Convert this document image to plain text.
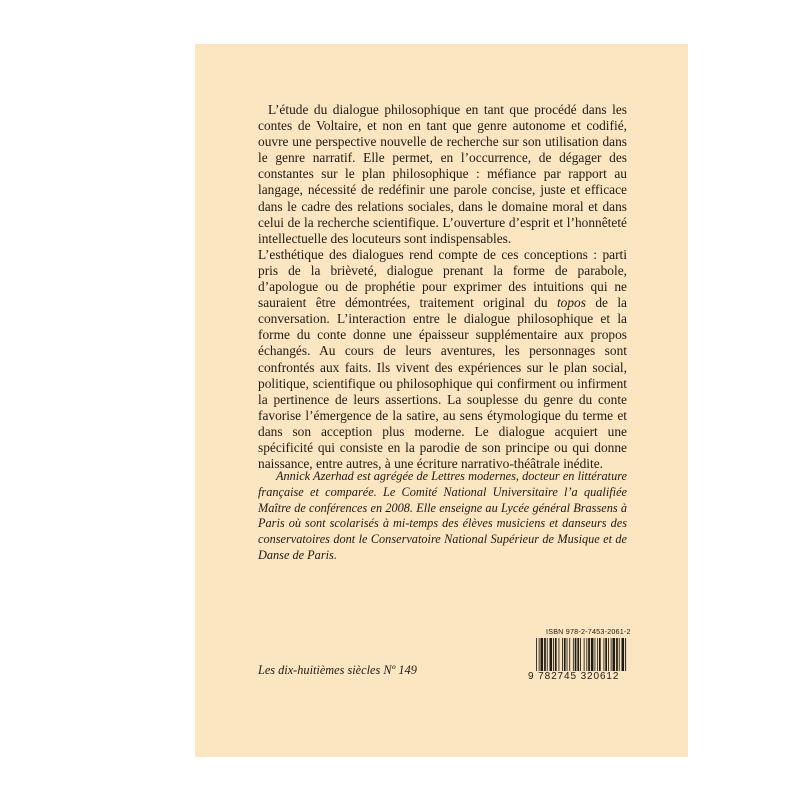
L’étude du dialogue philosophique en tant que procédé dans les contes de Voltaire, et non en tant que genre autonome et codifié, ouvre une perspective nouvelle de recherche sur son utilisation dans le genre narratif. Elle permet, en l’occurrence, de dégager des constantes sur le plan philosophique : méfiance par rapport au langage, nécessité de redéfinir une parole concise, juste et efficace dans le cadre des relations sociales, dans le domaine moral et dans celui de la recherche scientifique. L’ouverture d’esprit et l’honnêteté intellectuelle des locuteurs sont indispensables.

L’esthétique des dialogues rend compte de ces conceptions : parti pris de la brièveté, dialogue prenant la forme de parabole, d’apologue ou de prophétie pour exprimer des intuitions qui ne sauraient être démontrées, traitement original du topos de la conversation. L’interaction entre le dialogue philosophique et la forme du conte donne une épaisseur supplémentaire aux propos échangés. Au cours de leurs aventures, les personnages sont confrontés aux faits. Ils vivent des expériences sur le plan social, politique, scientifique ou philosophique qui confirment ou infirment la pertinence de leurs assertions. La souplesse du genre du conte favorise l’émergence de la satire, au sens étymologique du terme et dans son acception plus moderne. Le dialogue acquiert une spécificité qui consiste en la parodie de son principe ou qui donne naissance, entre autres, à une écriture narrativo-théâtrale inédite.

Annick Azerhad est agrégée de Lettres modernes, docteur en littérature française et comparée. Le Comité National Universitaire l’a qualifiée Maître de conférences en 2008. Elle enseigne au Lycée général Brassens à Paris où sont scolarisés à mi-temps des élèves musiciens et danseurs des conservatoires dont le Conservatoire National Supérieur de Musique et de Danse de Paris.
Les dix-huitièmes siècles Nº 149
ISBN 978-2-7453-2061-2
9 782745 320612
